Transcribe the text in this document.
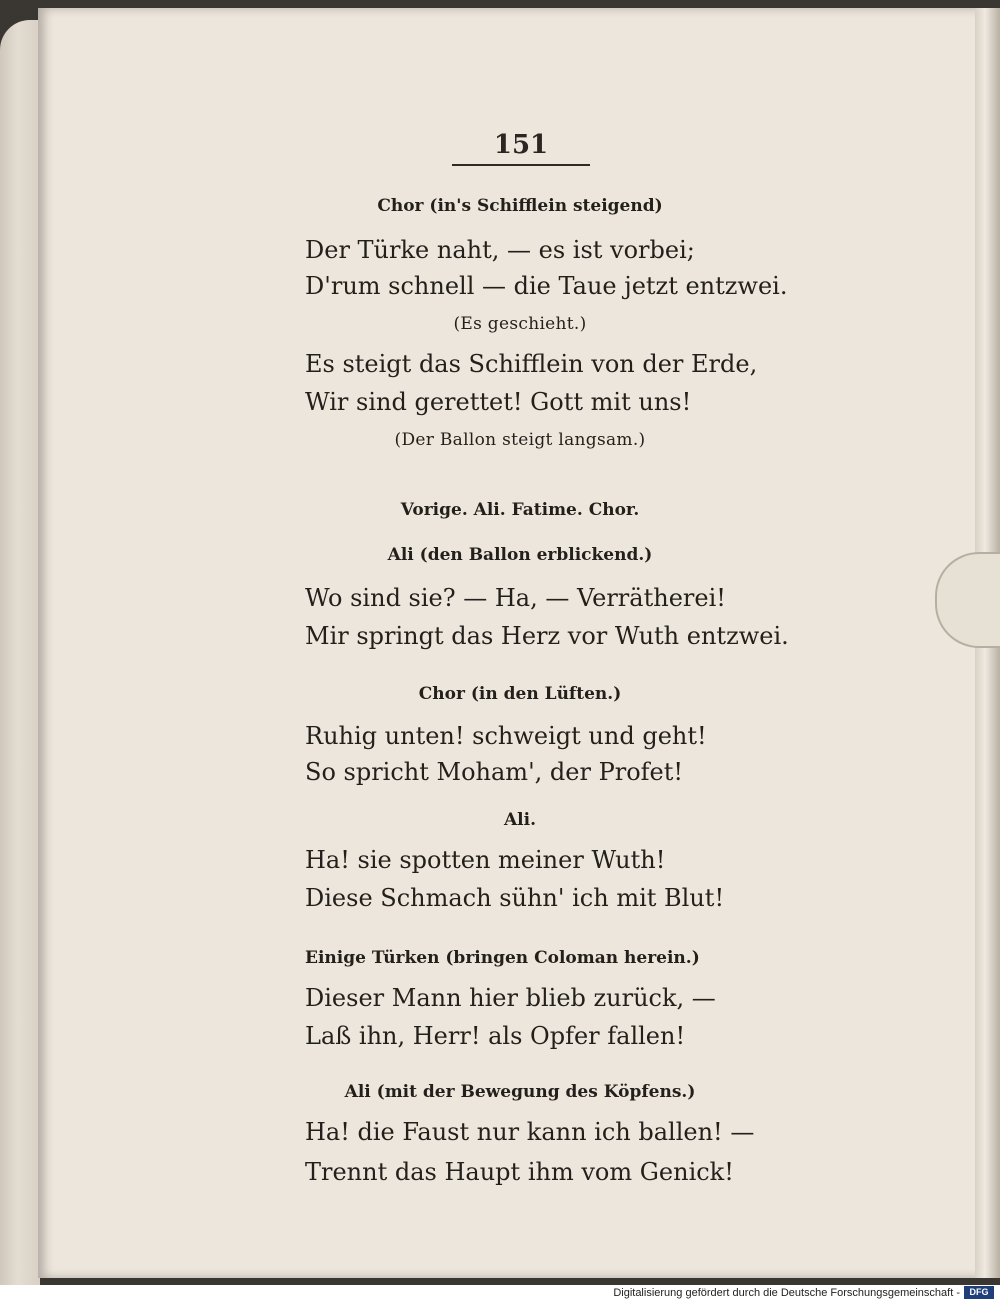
151
Chor (in's Schifflein steigend)
Der Türke naht, — es ist vorbei;
D'rum schnell — die Taue jetzt entzwei.
(Es geschieht.)
Es steigt das Schifflein von der Erde,
Wir sind gerettet! Gott mit uns!
(Der Ballon steigt langsam.)
Vorige. Ali. Fatime. Chor.
Ali (den Ballon erblickend.)
Wo sind sie? — Ha, — Verrätherei!
Mir springt das Herz vor Wuth entzwei.
Chor (in den Lüften.)
Ruhig unten! schweigt und geht!
So spricht Moham', der Profet!
Ali.
Ha! sie spotten meiner Wuth!
Diese Schmach sühn' ich mit Blut!
Einige Türken (bringen Coloman herein.)
Dieser Mann hier blieb zurück, —
Laß ihn, Herr! als Opfer fallen!
Ali (mit der Bewegung des Köpfens.)
Ha! die Faust nur kann ich ballen! —
Trennt das Haupt ihm vom Genick!
Digitalisierung gefördert durch die Deutsche Forschungsgemeinschaft -	DFG
